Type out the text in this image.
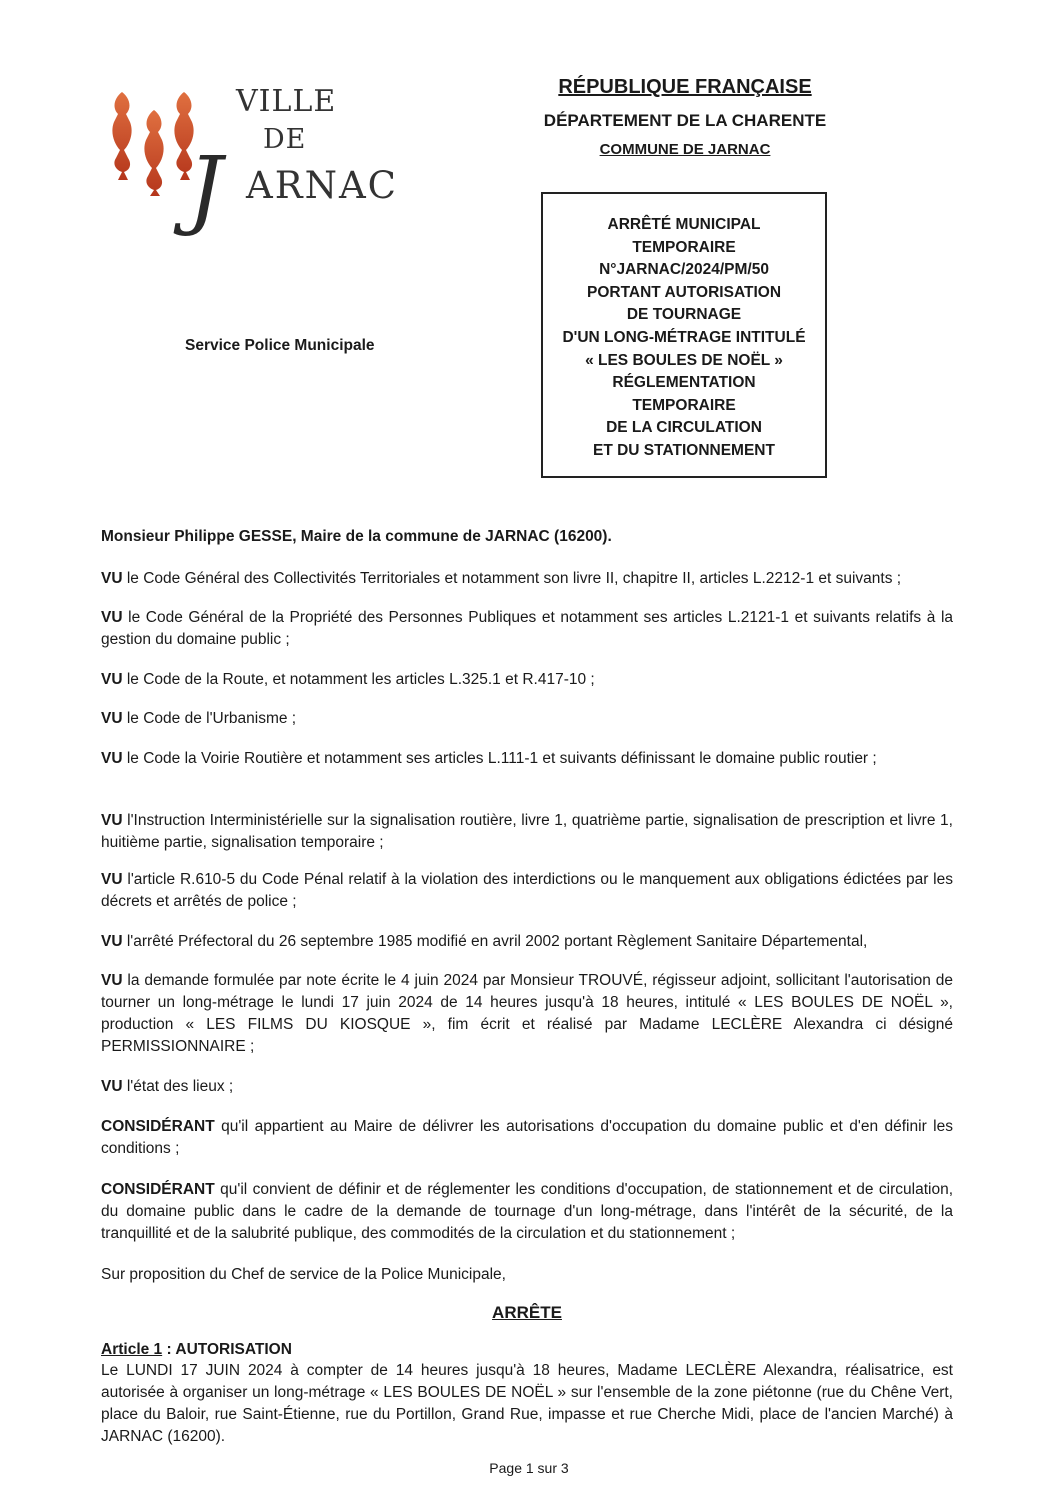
VILLE
DE
J ARNAC
RÉPUBLIQUE FRANÇAISE
DÉPARTEMENT DE LA CHARENTE
COMMUNE DE JARNAC
ARRÊTÉ MUNICIPAL
TEMPORAIRE
N°JARNAC/2024/PM/50
PORTANT AUTORISATION
DE TOURNAGE
D'UN LONG-MÉTRAGE INTITULÉ
« LES BOULES DE NOËL »
RÉGLEMENTATION
TEMPORAIRE
DE LA CIRCULATION
ET DU STATIONNEMENT
Service Police Municipale

Monsieur Philippe GESSE, Maire de la commune de JARNAC (16200).

VU le Code Général des Collectivités Territoriales et notamment son livre II, chapitre II, articles L.2212-1 et suivants ;

VU le Code Général de la Propriété des Personnes Publiques et notamment ses articles L.2121-1 et suivants relatifs à la gestion du domaine public ;

VU le Code de la Route, et notamment les articles L.325.1 et R.417-10 ;

VU le Code de l'Urbanisme ;

VU le Code la Voirie Routière et notamment ses articles L.111-1 et suivants définissant le domaine public routier ;

VU l'Instruction Interministérielle sur la signalisation routière, livre 1, quatrième partie, signalisation de prescription et livre 1, huitième partie, signalisation temporaire ;

VU l'article R.610-5 du Code Pénal relatif à la violation des interdictions ou le manquement aux obligations édictées par les décrets et arrêtés de police ;

VU l'arrêté Préfectoral du 26 septembre 1985 modifié en avril 2002 portant Règlement Sanitaire Départemental,

VU la demande formulée par note écrite le 4 juin 2024 par Monsieur TROUVÉ, régisseur adjoint, sollicitant l'autorisation de tourner un long-métrage le lundi 17 juin 2024 de 14 heures jusqu'à 18 heures, intitulé « LES BOULES DE NOËL », production « LES FILMS DU KIOSQUE », fim écrit et réalisé par Madame LECLÈRE Alexandra ci désigné PERMISSIONNAIRE ;

VU l'état des lieux ;

CONSIDÉRANT qu'il appartient au Maire de délivrer les autorisations d'occupation du domaine public et d'en définir les conditions ;

CONSIDÉRANT qu'il convient de définir et de réglementer les conditions d'occupation, de stationnement et de circulation, du domaine public dans le cadre de la demande de tournage d'un long-métrage, dans l'intérêt de la sécurité, de la tranquillité et de la salubrité publique, des commodités de la circulation et du stationnement ;

Sur proposition du Chef de service de la Police Municipale,

ARRÊTE

Article 1 : AUTORISATION

Le LUNDI 17 JUIN 2024 à compter de 14 heures jusqu'à 18 heures, Madame LECLÈRE Alexandra, réalisatrice, est autorisée à organiser un long-métrage « LES BOULES DE NOËL » sur l'ensemble de la zone piétonne (rue du Chêne Vert, place du Baloir, rue Saint-Étienne, rue du Portillon, Grand Rue, impasse et rue Cherche Midi, place de l'ancien Marché) à JARNAC (16200).

Page 1 sur 3
